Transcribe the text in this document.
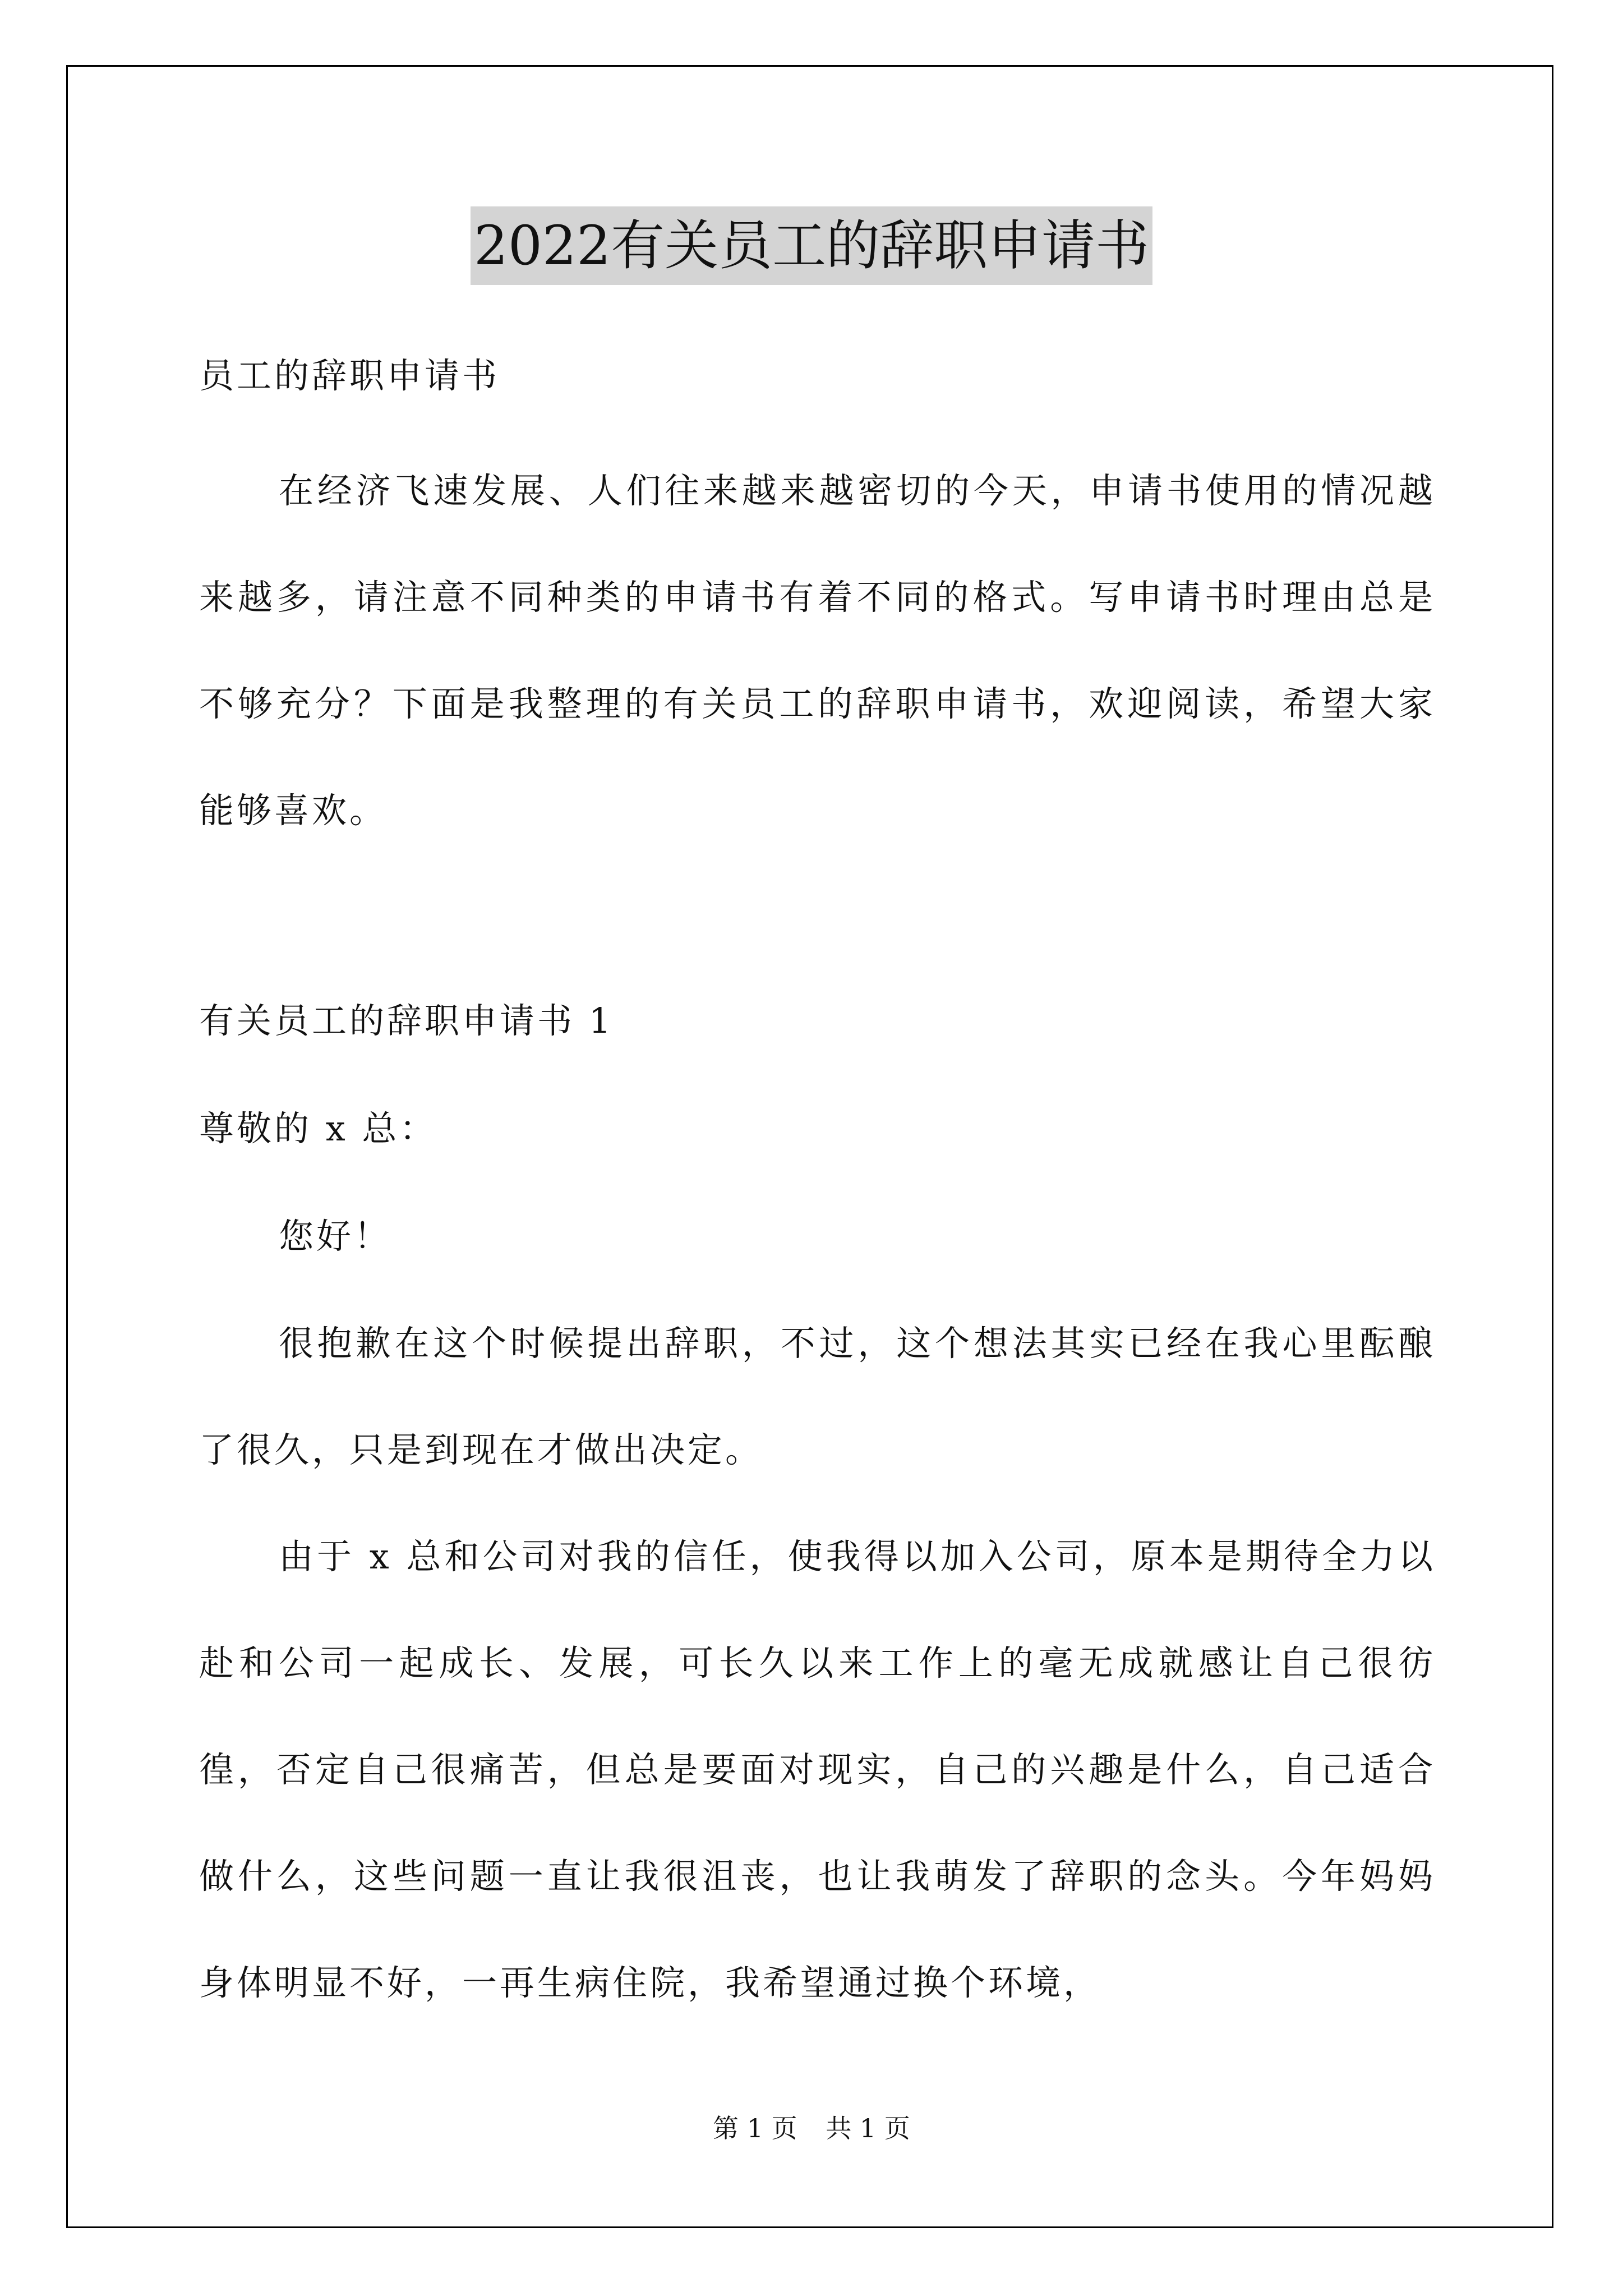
2022有关员工的辞职申请书

员工的辞职申请书

在经济飞速发展、人们往来越来越密切的今天，申请书使用的情况越来越多，请注意不同种类的申请书有着不同的格式。写申请书时理由总是不够充分？下面是我整理的有关员工的辞职申请书，欢迎阅读，希望大家能够喜欢。

有关员工的辞职申请书 1

尊敬的 x 总：

您好！

很抱歉在这个时候提出辞职，不过，这个想法其实已经在我心里酝酿了很久，只是到现在才做出决定。

由于 x 总和公司对我的信任，使我得以加入公司，原本是期待全力以赴和公司一起成长、发展，可长久以来工作上的毫无成就感让自己很彷徨，否定自己很痛苦，但总是要面对现实，自己的兴趣是什么，自己适合做什么，这些问题一直让我很沮丧，也让我萌发了辞职的念头。今年妈妈身体明显不好，一再生病住院，我希望通过换个环境，

第 1 页 共 1 页
